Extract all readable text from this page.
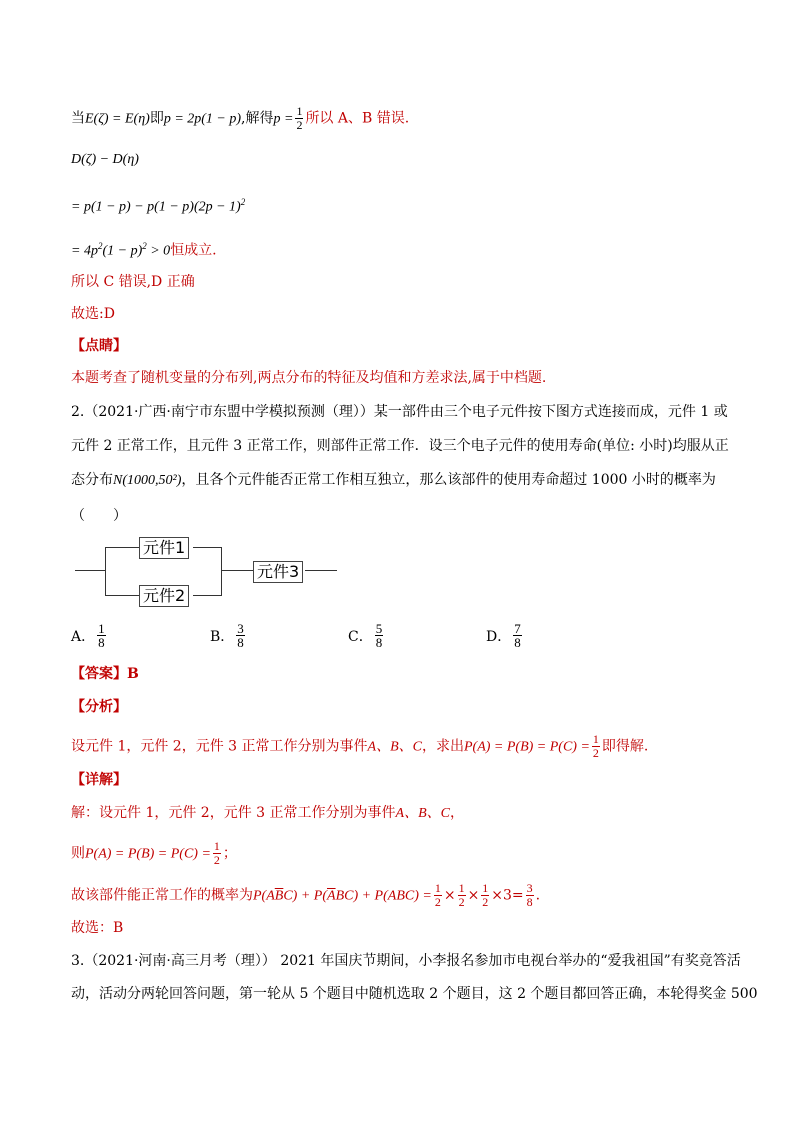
当E(ζ) = E(η)即p = 2p(1 − p),解得$p = \frac{1}{2}$ 所以 A、B 错误.
D(ζ) − D(η)
= $p(1 - p) - p(1 - p)(2p - 1)^2$
= $4p^2(1 - p)^2 > 0$恒成立.
所以 C 错误,D 正确
故选:D
【点睛】
本题考查了随机变量的分布列,两点分布的特征及均值和方差求法,属于中档题.
2.（2021·广西·南宁市东盟中学模拟预测（理））某一部件由三个电子元件按下图方式连接而成，元件 1 或
元件 2 正常工作，且元件 3 正常工作，则部件正常工作．设三个电子元件的使用寿命(单位: 小时)均服从正
态分布N(1000,50²)，且各个元件能否正常工作相互独立，那么该部件的使用寿命超过 1000 小时的概率为
（　　）
元件1
元件2
元件3
A． $\frac{1}{8}$	B． $\frac{3}{8}$	C． $\frac{5}{8}$	D． $\frac{7}{8}$
【答案】B
【分析】
设元件 1，元件 2，元件 3 正常工作分别为事件A、B、C，求出$P(A) = P(B) = P(C) = \frac{1}{2}$ 即得解.
【详解】
解：设元件 1，元件 2，元件 3 正常工作分别为事件A、B、C，
则$P(A) = P(B) = P(C) = \frac{1}{2}$ ；
故该部件能正常工作的概率为$P(A\overline{B}C) + P(\overline{A}BC) + P(ABC) = \frac{1}{2} \times \frac{1}{2} \times \frac{1}{2} \times 3= \frac{3}{8}$ .
故选：B
3.（2021·河南·高三月考（理）） 2021 年国庆节期间，小李报名参加市电视台举办的“爱我祖国”有奖竞答活
动，活动分两轮回答问题，第一轮从 5 个题目中随机选取 2 个题目，这 2 个题目都回答正确，本轮得奖金 500
